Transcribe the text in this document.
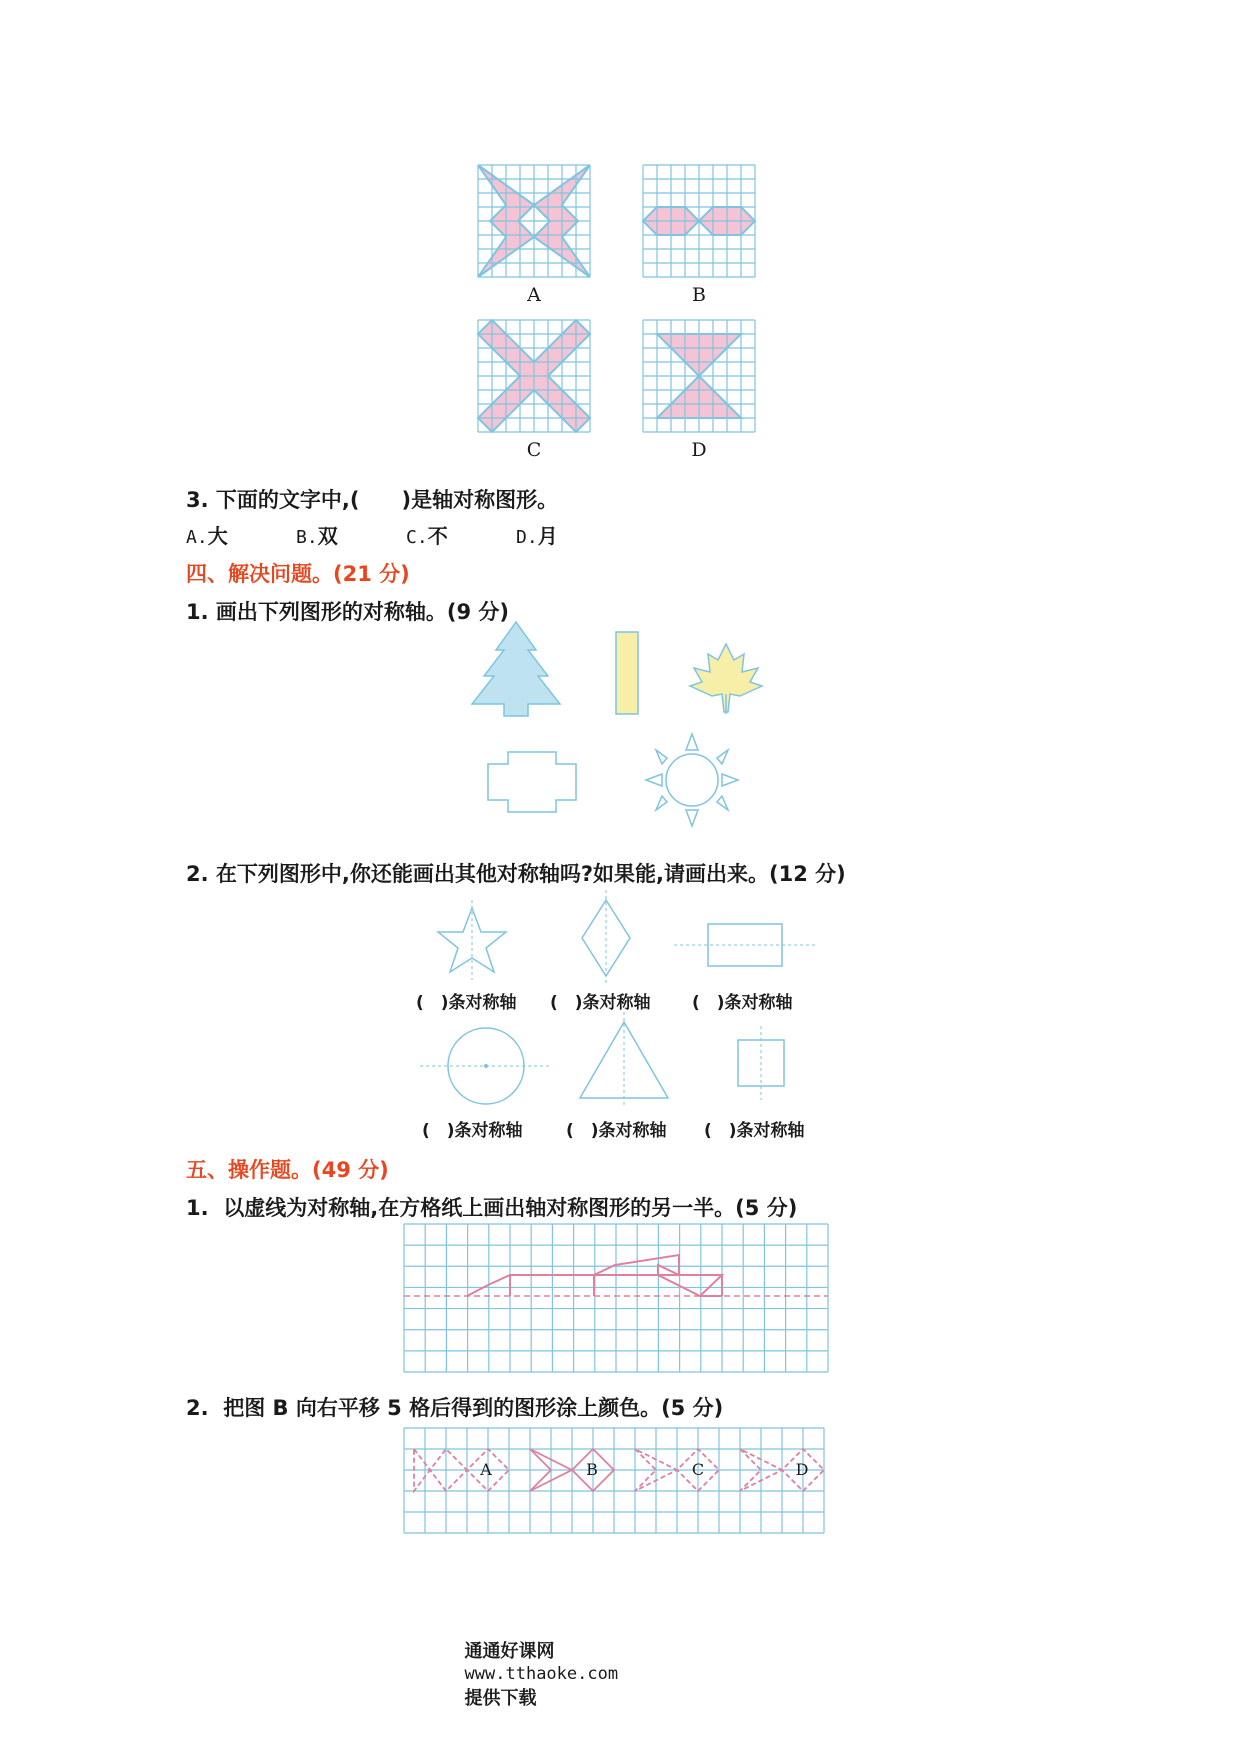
A	B
C	D
3. 下面的文字中,(　　)是轴对称图形。
A.大	B.双	C.不	D.月
四、解决问题。(21 分)
1. 画出下列图形的对称轴。(9 分)
2. 在下列图形中,你还能画出其他对称轴吗?如果能,请画出来。(12 分)
(　)条对称轴 (　)条对称轴 (　)条对称轴
(　)条对称轴	(　)条对称轴 (　)条对称轴
五、操作题。(49 分)
1.  以虚线为对称轴,在方格纸上画出轴对称图形的另一半。(5 分)
2.  把图 B 向右平移 5 格后得到的图形涂上颜色。(5 分)
A	B	C	D

通通好课网
www.tthaoke.com
提供下载
